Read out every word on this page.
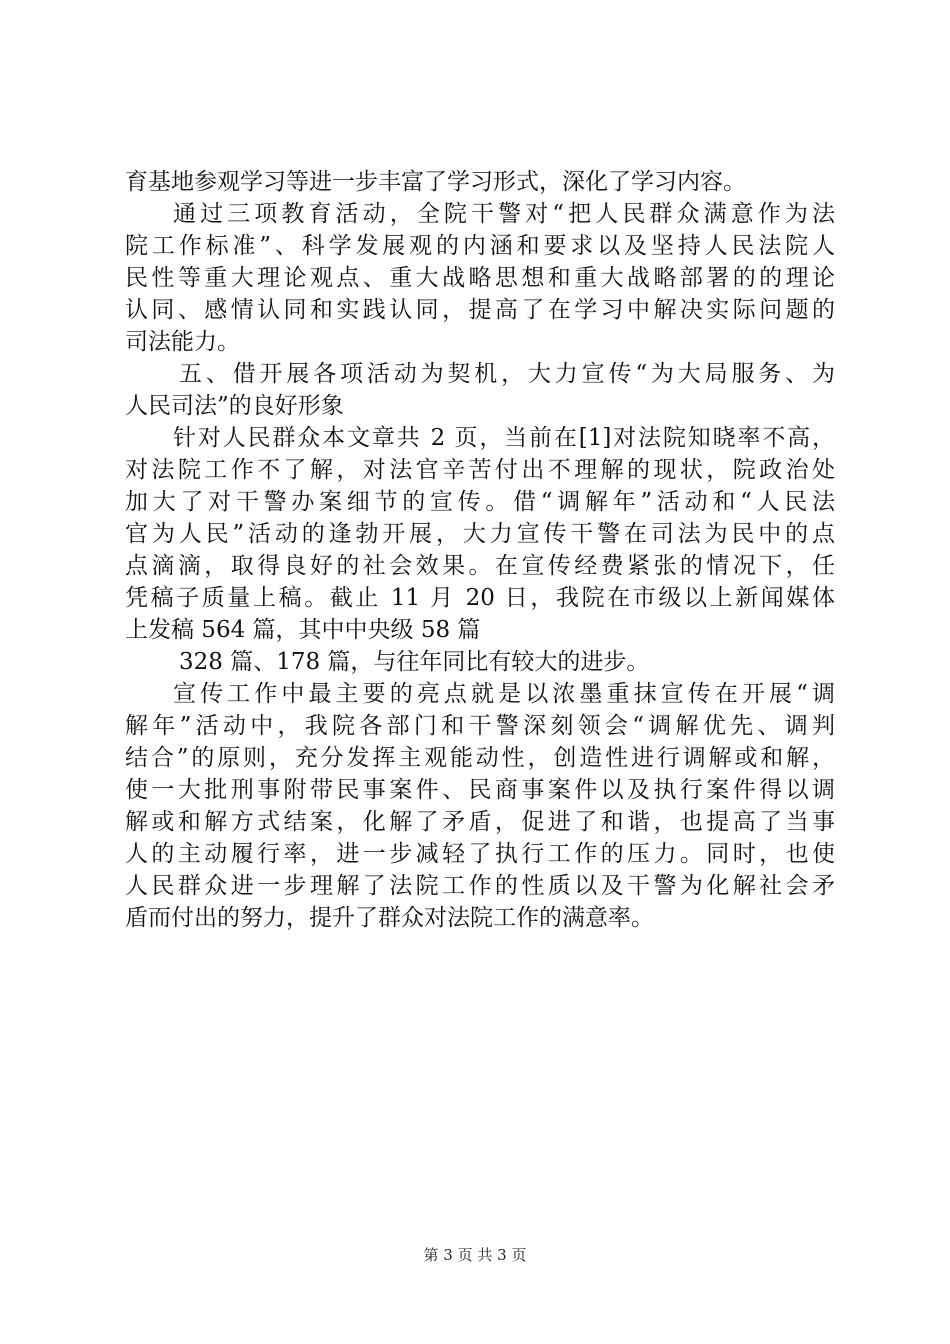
育基地参观学习等进一步丰富了学习形式，深化了学习内容。
通过三项教育活动，全院干警对“把人民群众满意作为法
院工作标准”、科学发展观的内涵和要求以及坚持人民法院人
民性等重大理论观点、重大战略思想和重大战略部署的的理论
认同、感情认同和实践认同，提高了在学习中解决实际问题的
司法能力。
五、借开展各项活动为契机，大力宣传“为大局服务、为
人民司法”的良好形象
针对人民群众本文章共 2 页，当前在[1]对法院知晓率不高，
对法院工作不了解，对法官辛苦付出不理解的现状，院政治处
加大了对干警办案细节的宣传。借“调解年”活动和“人民法
官为人民”活动的逢勃开展，大力宣传干警在司法为民中的点
点滴滴，取得良好的社会效果。在宣传经费紧张的情况下，任
凭稿子质量上稿。截止 11 月 20 日，我院在市级以上新闻媒体
上发稿 564 篇，其中中央级 58 篇
328 篇、178 篇，与往年同比有较大的进步。
宣传工作中最主要的亮点就是以浓墨重抹宣传在开展“调
解年”活动中，我院各部门和干警深刻领会“调解优先、调判
结合”的原则，充分发挥主观能动性，创造性进行调解或和解，
使一大批刑事附带民事案件、民商事案件以及执行案件得以调
解或和解方式结案，化解了矛盾，促进了和谐，也提高了当事
人的主动履行率，进一步减轻了执行工作的压力。同时，也使
人民群众进一步理解了法院工作的性质以及干警为化解社会矛
盾而付出的努力，提升了群众对法院工作的满意率。
第 3 页 共 3 页
